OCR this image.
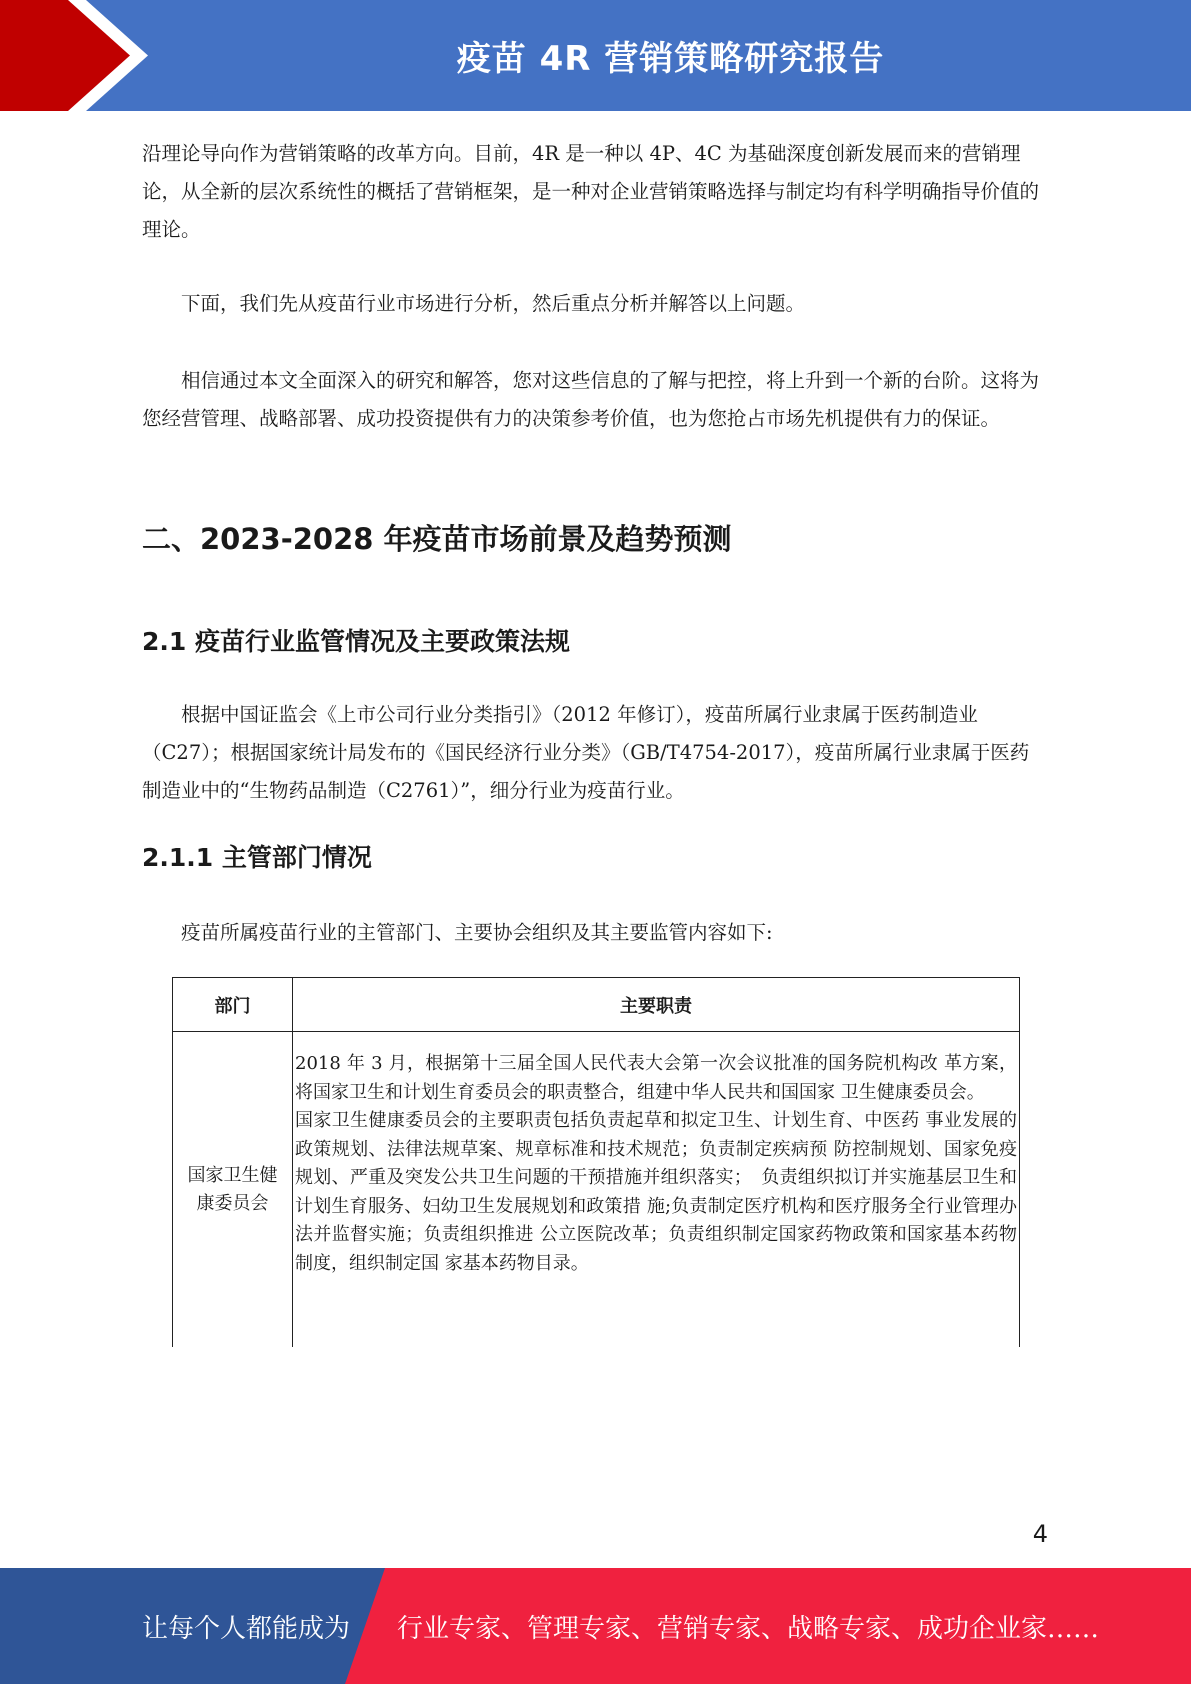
疫苗 4R 营销策略研究报告

沿理论导向作为营销策略的改革方向。目前，4R 是一种以 4P、4C 为基础深度创新发展而来的营销理论，从全新的层次系统性的概括了营销框架，是一种对企业营销策略选择与制定均有科学明确指导价值的理论。

下面，我们先从疫苗行业市场进行分析，然后重点分析并解答以上问题。

相信通过本文全面深入的研究和解答，您对这些信息的了解与把控，将上升到一个新的台阶。这将为您经营管理、战略部署、成功投资提供有力的决策参考价值，也为您抢占市场先机提供有力的保证。

二、2023-2028 年疫苗市场前景及趋势预测
2.1 疫苗行业监管情况及主要政策法规

根据中国证监会《上市公司行业分类指引》（2012 年修订），疫苗所属行业隶属于医药制造业（C27）；根据国家统计局发布的《国民经济行业分类》（GB/T4754-2017），疫苗所属行业隶属于医药制造业中的“生物药品制造（C2761）”，细分行业为疫苗行业。

2.1.1 主管部门情况

疫苗所属疫苗行业的主管部门、主要协会组织及其主要监管内容如下:

部门	主要职责
国家卫生健康委员会	2018 年 3 月，根据第十三届全国人民代表大会第一次会议批准的国务院机构改 革方案，将国家卫生和计划生育委员会的职责整合，组建中华人民共和国国家 卫生健康委员会。

国家卫生健康委员会的主要职责包括负责起草和拟定卫生、计划生育、中医药 事业发展的政策规划、法律法规草案、规章标准和技术规范；负责制定疾病预 防控制规划、国家免疫规划、严重及突发公共卫生问题的干预措施并组织落实；　负责组织拟订并实施基层卫生和计划生育服务、妇幼卫生发展规划和政策措 施;负责制定医疗机构和医疗服务全行业管理办法并监督实施；负责组织推进 公立医院改革；负责组织制定国家药物政策和国家基本药物制度，组织制定国 家基本药物目录。

4
让每个人都能成为 行业专家、管理专家、营销专家、战略专家、成功企业家……
